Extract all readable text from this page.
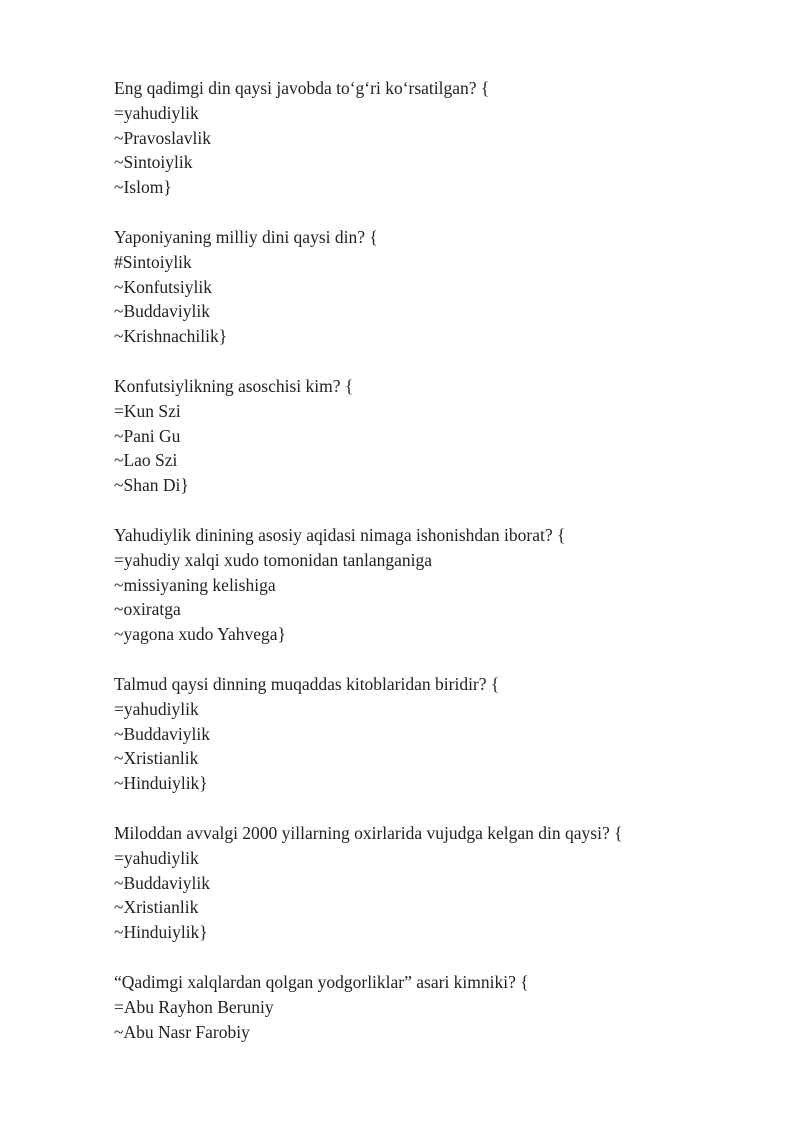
Eng qadimgi din qaysi javobda to‘g‘ri ko‘rsatilgan? {
=yahudiylik
~Pravoslavlik
~Sintoiylik
~Islom}
Yaponiyaning milliy dini qaysi din? {
#Sintoiylik
~Konfutsiylik
~Buddaviylik
~Krishnachilik}
Konfutsiylikning asoschisi kim? {
=Kun Szi
~Pani Gu
~Lao Szi
~Shan Di}
Yahudiylik dinining asosiy aqidasi nimaga ishonishdan iborat? {
=yahudiy xalqi xudo tomonidan tanlanganiga
~missiyaning kelishiga
~oxiratga
~yagona xudo Yahvega}
Talmud qaysi dinning muqaddas kitoblaridan biridir? {
=yahudiylik
~Buddaviylik
~Xristianlik
~Hinduiylik}
Miloddan avvalgi 2000 yillarning oxirlarida vujudga kelgan din qaysi? {
=yahudiylik
~Buddaviylik
~Xristianlik
~Hinduiylik}
“Qadimgi xalqlardan qolgan yodgorliklar” asari kimniki? {
=Abu Rayhon Beruniy
~Abu Nasr Farobiy
